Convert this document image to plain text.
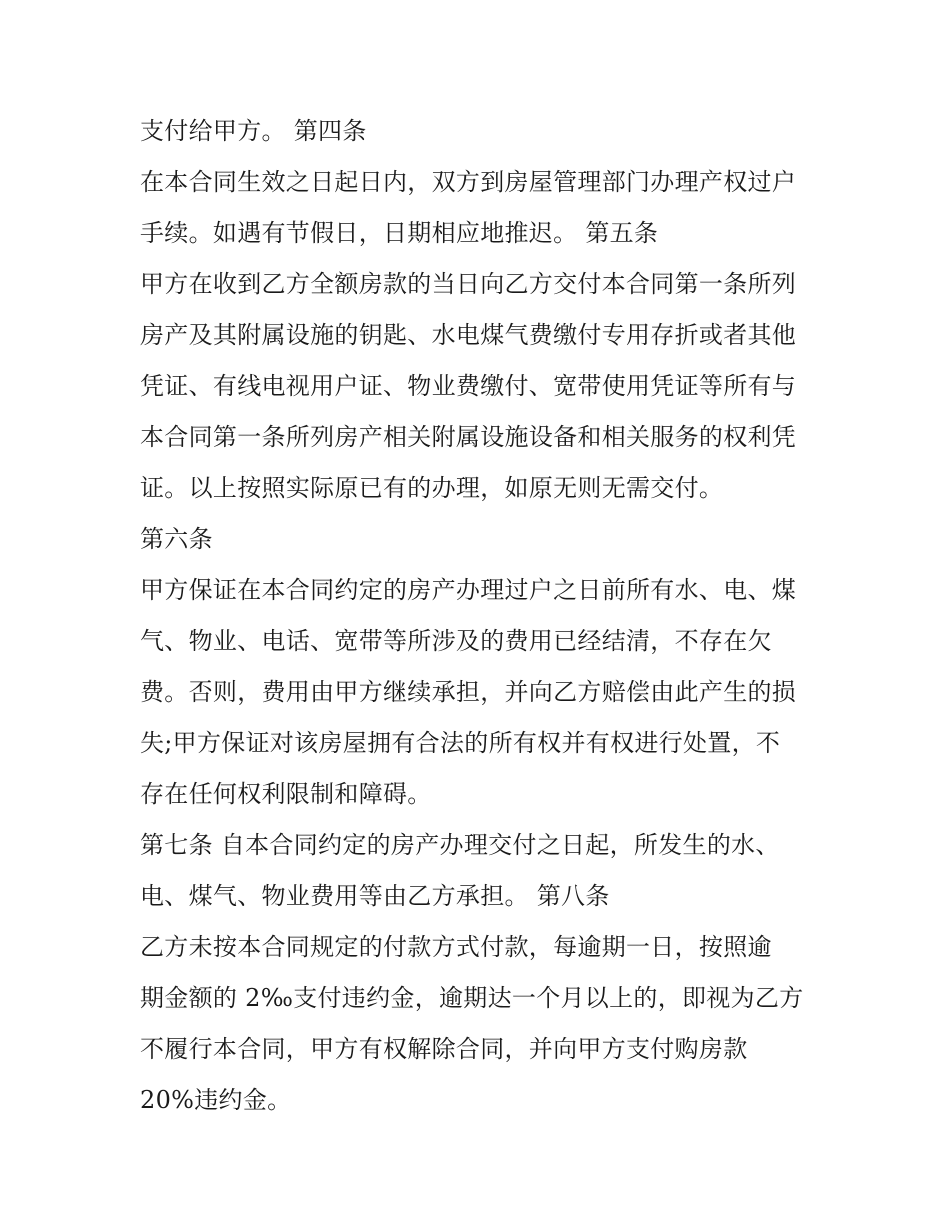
支付给甲方。 第四条
在本合同生效之日起日内，双方到房屋管理部门办理产权过户
手续。如遇有节假日，日期相应地推迟。 第五条
甲方在收到乙方全额房款的当日向乙方交付本合同第一条所列
房产及其附属设施的钥匙、水电煤气费缴付专用存折或者其他
凭证、有线电视用户证、物业费缴付、宽带使用凭证等所有与
本合同第一条所列房产相关附属设施设备和相关服务的权利凭
证。以上按照实际原已有的办理，如原无则无需交付。
第六条
甲方保证在本合同约定的房产办理过户之日前所有水、电、煤
气、物业、电话、宽带等所涉及的费用已经结清，不存在欠
费。否则，费用由甲方继续承担，并向乙方赔偿由此产生的损
失;甲方保证对该房屋拥有合法的所有权并有权进行处置，不
存在任何权利限制和障碍。
第七条 自本合同约定的房产办理交付之日起，所发生的水、
电、煤气、物业费用等由乙方承担。 第八条
乙方未按本合同规定的付款方式付款，每逾期一日，按照逾
期金额的 2‰支付违约金，逾期达一个月以上的，即视为乙方
不履行本合同，甲方有权解除合同，并向甲方支付购房款
20%违约金。
